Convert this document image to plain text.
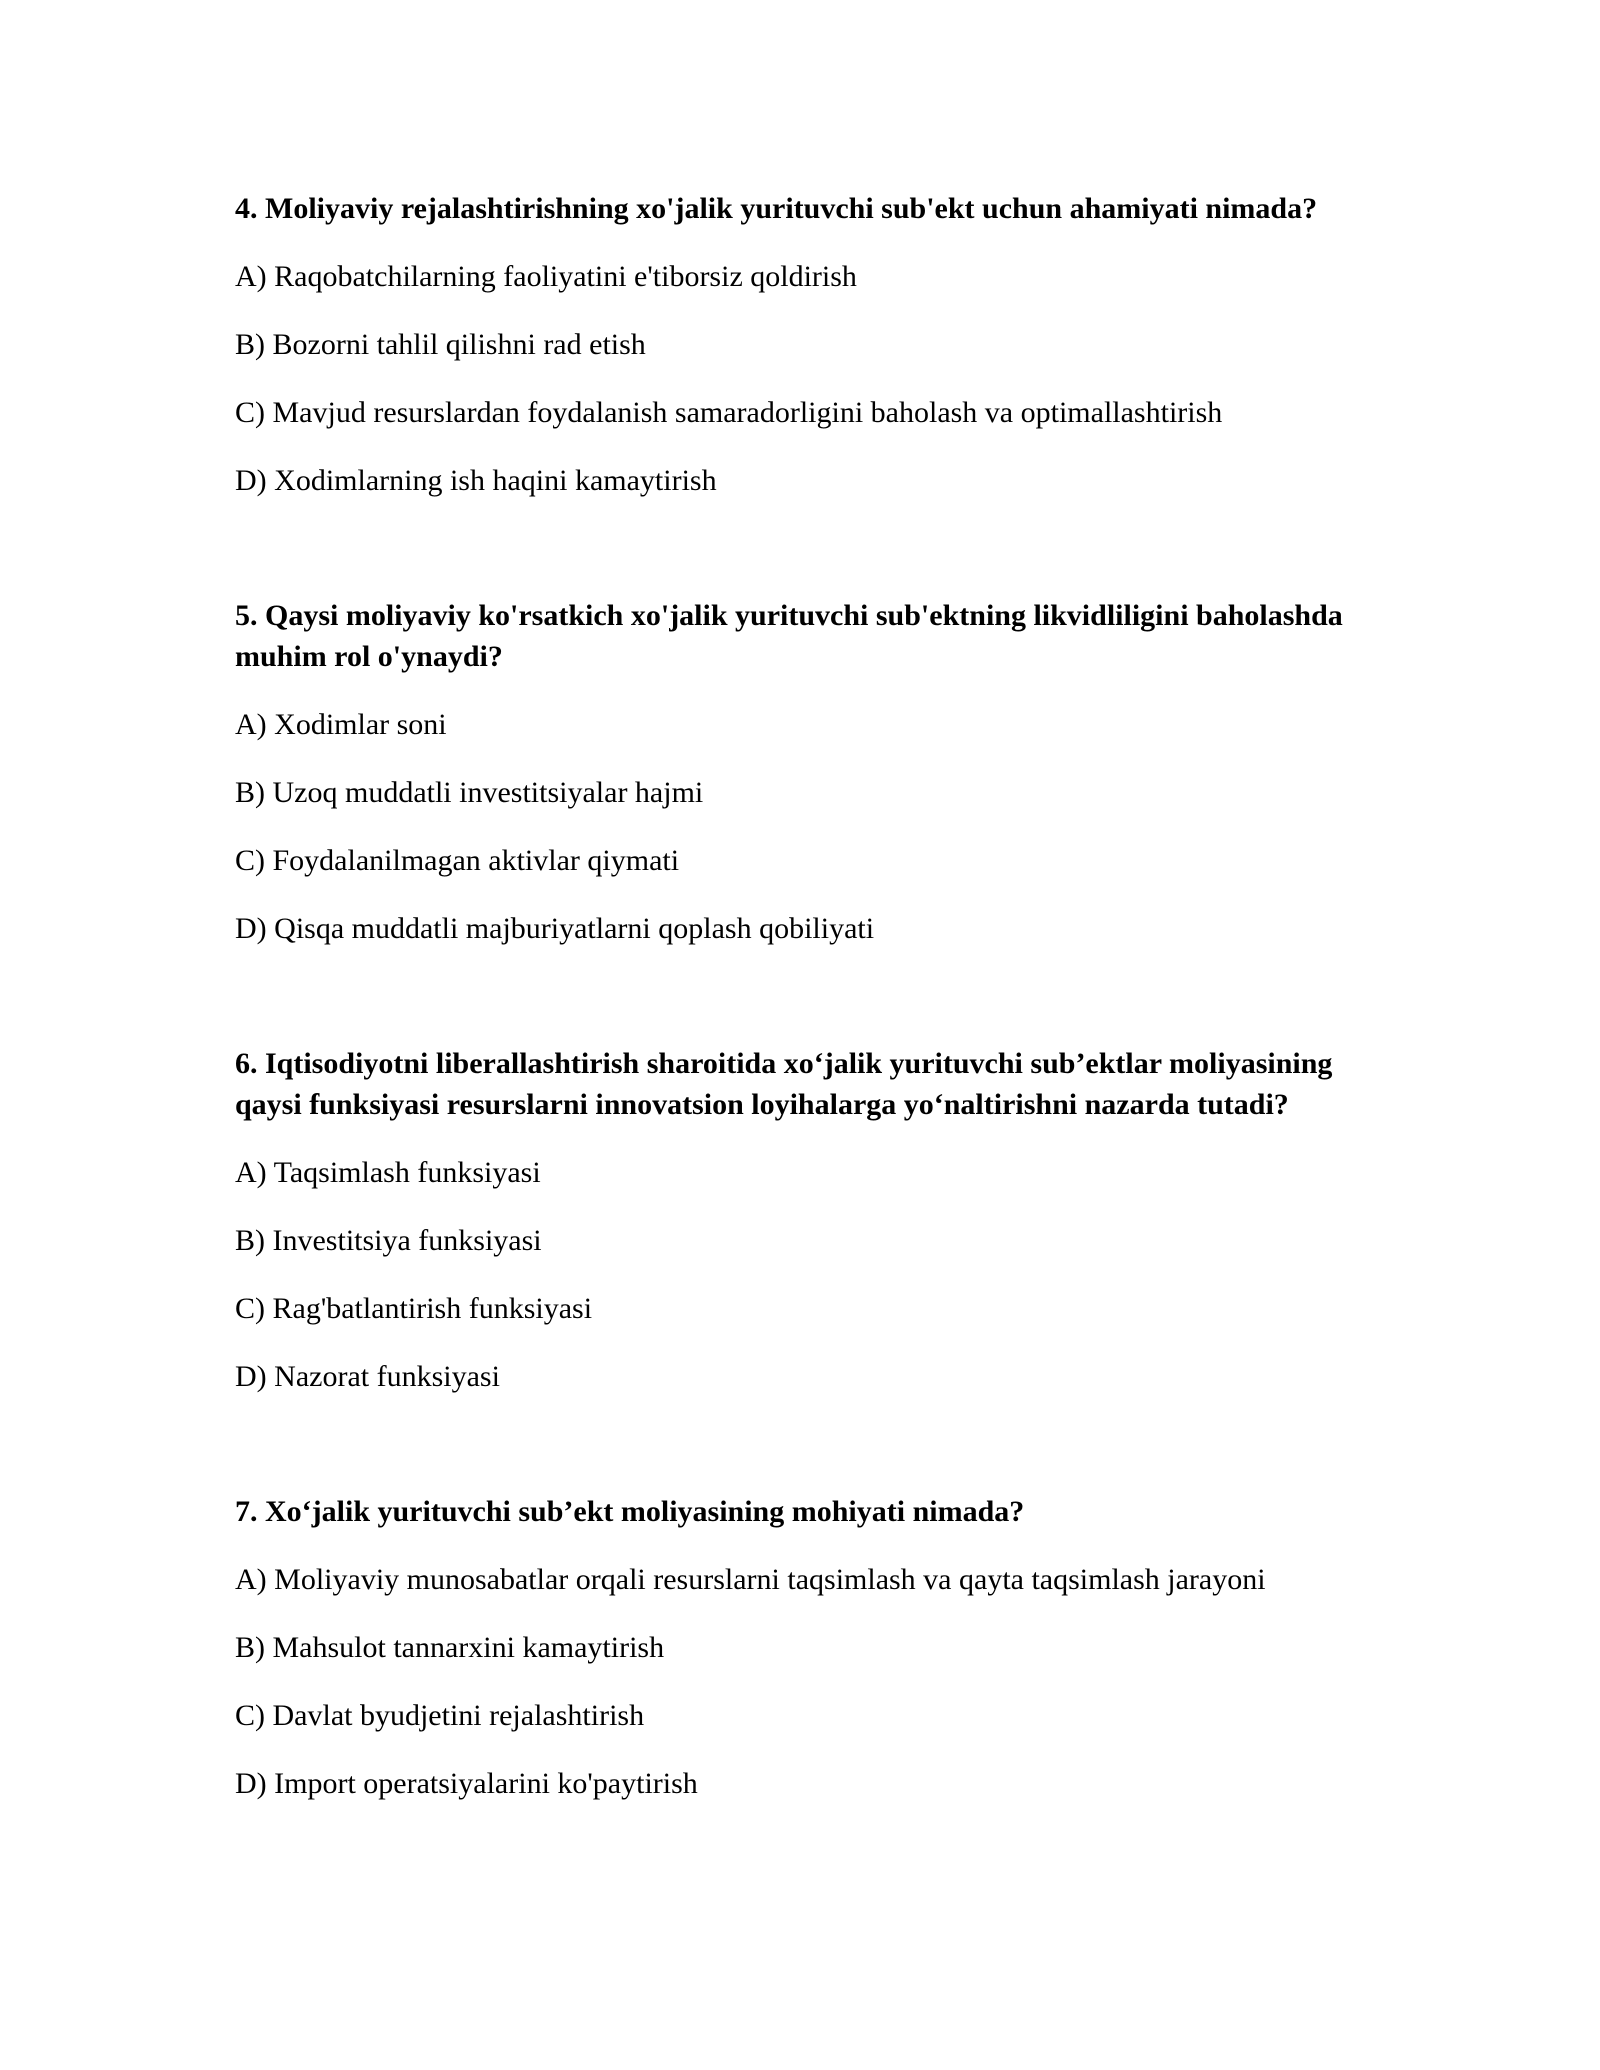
4. Moliyaviy rejalashtirishning xo'jalik yurituvchi sub'ekt uchun ahamiyati nimada?
A) Raqobatchilarning faoliyatini e'tiborsiz qoldirish
B) Bozorni tahlil qilishni rad etish
C) Mavjud resurslardan foydalanish samaradorligini baholash va optimallashtirish
D) Xodimlarning ish haqini kamaytirish
5. Qaysi moliyaviy ko'rsatkich xo'jalik yurituvchi sub'ektning likvidliligini baholashda muhim rol o'ynaydi?
A) Xodimlar soni
B) Uzoq muddatli investitsiyalar hajmi
C) Foydalanilmagan aktivlar qiymati
D) Qisqa muddatli majburiyatlarni qoplash qobiliyati
6. Iqtisodiyotni liberallashtirish sharoitida xo‘jalik yurituvchi sub’ektlar moliyasining qaysi funksiyasi resurslarni innovatsion loyihalarga yo‘naltirishni nazarda tutadi?
A) Taqsimlash funksiyasi
B) Investitsiya funksiyasi
C) Rag'batlantirish funksiyasi
D) Nazorat funksiyasi
7. Xo‘jalik yurituvchi sub’ekt moliyasining mohiyati nimada?
A) Moliyaviy munosabatlar orqali resurslarni taqsimlash va qayta taqsimlash jarayoni
B) Mahsulot tannarxini kamaytirish
C) Davlat byudjetini rejalashtirish
D) Import operatsiyalarini ko'paytirish
